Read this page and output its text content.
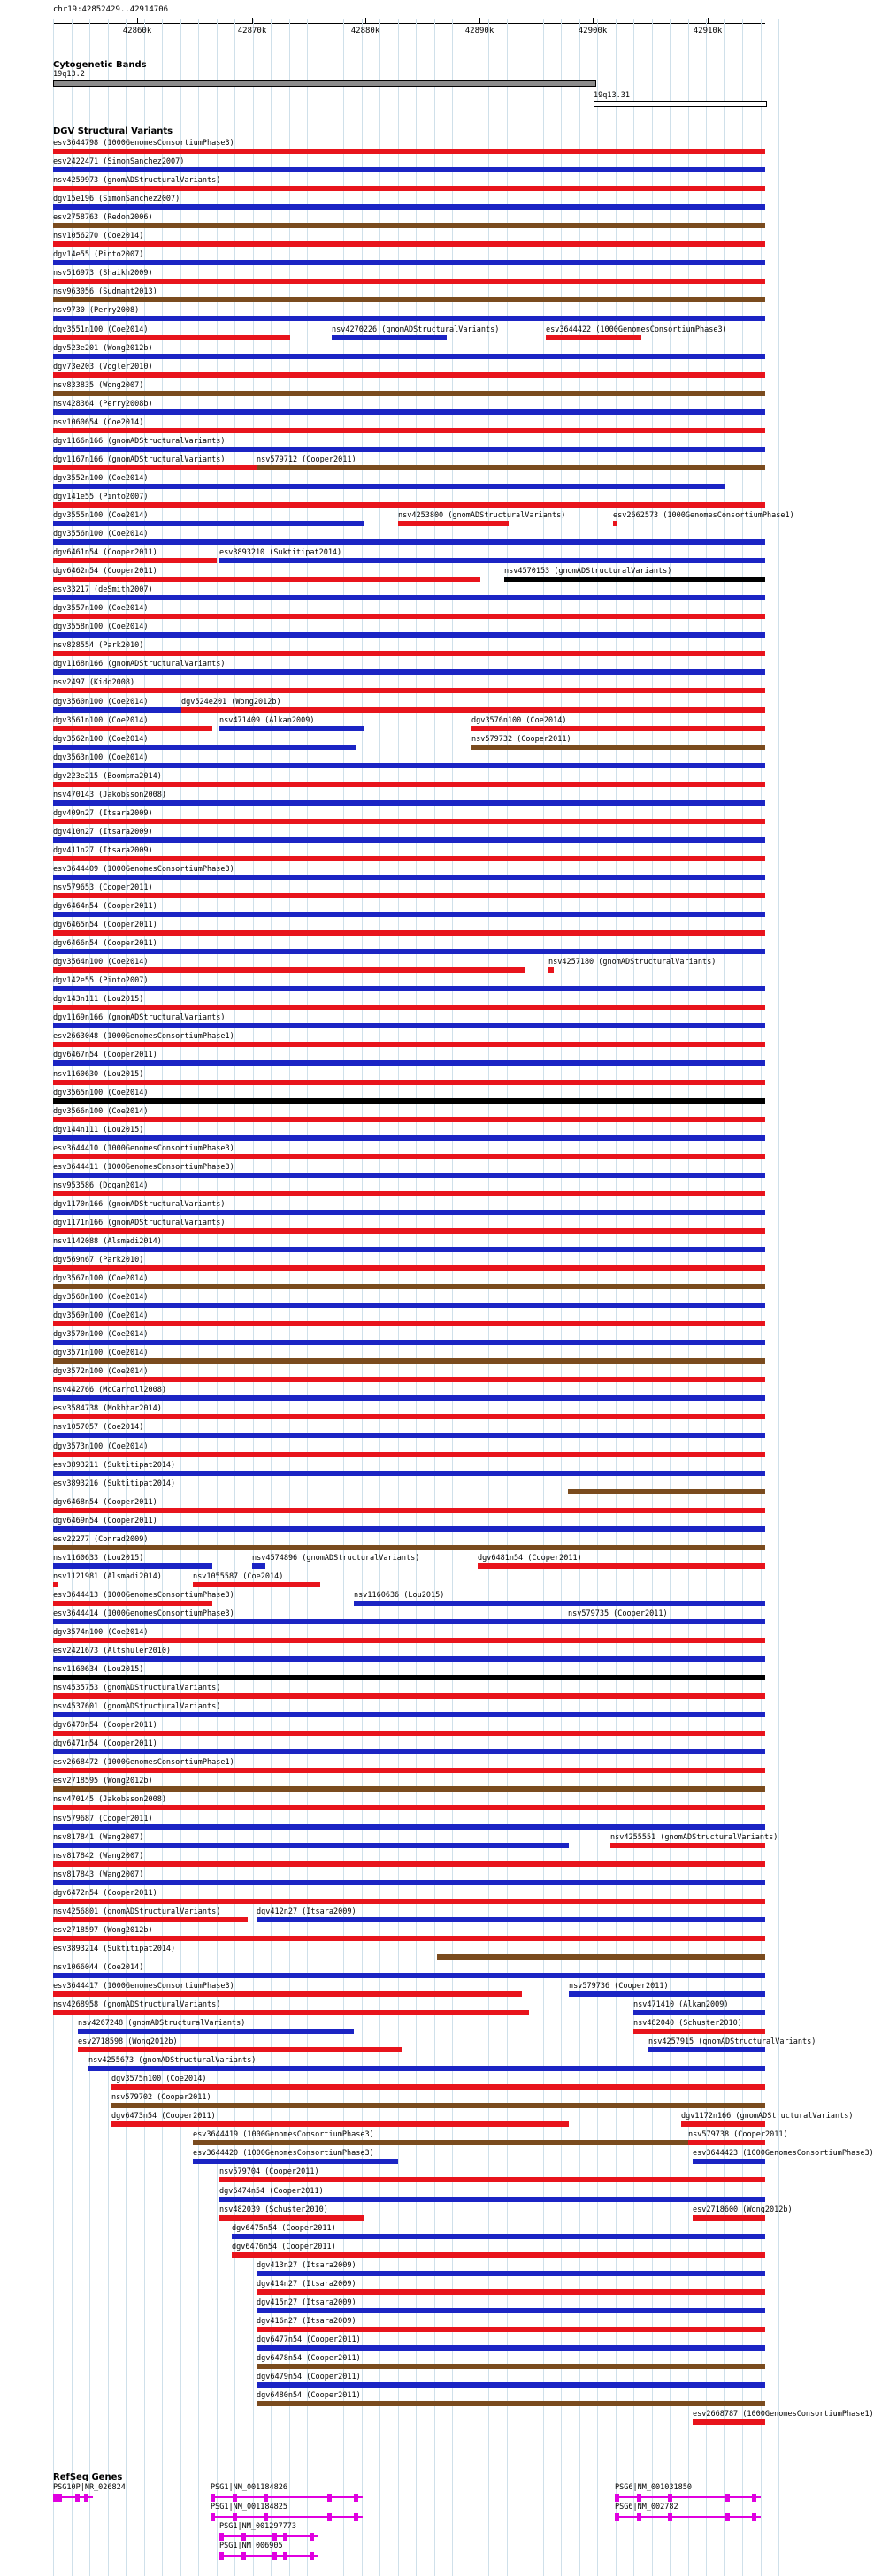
chr19:42852429..42914706
42860k	42870k	42880k	42890k	42900k	42910k
Cytogenetic Bands
19q13.2
19q13.31
DGV Structural Variants
esv3644798 (1000GenomesConsortiumPhase3)
esv2422471 (SimonSanchez2007)
nsv4259973 (gnomADStructuralVariants)
dgv15e196 (SimonSanchez2007)
esv2758763 (Redon2006)
nsv1056270 (Coe2014)
dgv14e55 (Pinto2007)
nsv516973 (Shaikh2009)
nsv963056 (Sudmant2013)
nsv9730 (Perry2008)
dgv3551n100 (Coe2014)	nsv4270226 (gnomADStructuralVariants)	esv3644422 (1000GenomesConsortiumPhase3)
dgv523e201 (Wong2012b)
dgv73e203 (Vogler2010)
nsv833835 (Wong2007)
nsv428364 (Perry2008b)
nsv1060654 (Coe2014)
dgv1166n166 (gnomADStructuralVariants)
dgv1167n166 (gnomADStructuralVariants)	nsv579712 (Cooper2011)
dgv3552n100 (Coe2014)
dgv141e55 (Pinto2007)
dgv3555n100 (Coe2014)	nsv4253800 (gnomADStructuralVariants)	esv2662573 (1000GenomesConsortiumPhase1)
dgv3556n100 (Coe2014)
dgv6461n54 (Cooper2011)	esv3893210 (Suktitipat2014)
dgv6462n54 (Cooper2011)	nsv4570153 (gnomADStructuralVariants)
esv33217 (deSmith2007)
dgv3557n100 (Coe2014)
dgv3558n100 (Coe2014)
nsv828554 (Park2010)
dgv1168n166 (gnomADStructuralVariants)
nsv2497 (Kidd2008)
dgv3560n100 (Coe2014)	dgv524e201 (Wong2012b)
dgv3561n100 (Coe2014)	nsv471409 (Alkan2009)	dgv3576n100 (Coe2014)
dgv3562n100 (Coe2014)	nsv579732 (Cooper2011)
dgv3563n100 (Coe2014)
dgv223e215 (Boomsma2014)
nsv470143 (Jakobsson2008)
dgv409n27 (Itsara2009)
dgv410n27 (Itsara2009)
dgv411n27 (Itsara2009)
esv3644409 (1000GenomesConsortiumPhase3)
nsv579653 (Cooper2011)
dgv6464n54 (Cooper2011)
dgv6465n54 (Cooper2011)
dgv6466n54 (Cooper2011)
dgv3564n100 (Coe2014)	nsv4257180 (gnomADStructuralVariants)
dgv142e55 (Pinto2007)
dgv143n111 (Lou2015)
dgv1169n166 (gnomADStructuralVariants)
esv2663048 (1000GenomesConsortiumPhase1)
dgv6467n54 (Cooper2011)
nsv1160630 (Lou2015)
dgv3565n100 (Coe2014)
dgv3566n100 (Coe2014)
dgv144n111 (Lou2015)
esv3644410 (1000GenomesConsortiumPhase3)
esv3644411 (1000GenomesConsortiumPhase3)
nsv953586 (Dogan2014)
dgv1170n166 (gnomADStructuralVariants)
dgv1171n166 (gnomADStructuralVariants)
nsv1142088 (Alsmadi2014)
dgv569n67 (Park2010)
dgv3567n100 (Coe2014)
dgv3568n100 (Coe2014)
dgv3569n100 (Coe2014)
dgv3570n100 (Coe2014)
dgv3571n100 (Coe2014)
dgv3572n100 (Coe2014)
nsv442766 (McCarroll2008)
esv3584738 (Mokhtar2014)
nsv1057057 (Coe2014)
dgv3573n100 (Coe2014)
esv3893211 (Suktitipat2014)
esv3893216 (Suktitipat2014)
dgv6468n54 (Cooper2011)
dgv6469n54 (Cooper2011)
esv22277 (Conrad2009)
nsv1160633 (Lou2015)	nsv4574896 (gnomADStructuralVariants)	dgv6481n54 (Cooper2011)
nsv1121981 (Alsmadi2014)	nsv1055587 (Coe2014)
esv3644413 (1000GenomesConsortiumPhase3)	nsv1160636 (Lou2015)
esv3644414 (1000GenomesConsortiumPhase3)	nsv579735 (Cooper2011)
dgv3574n100 (Coe2014)
esv2421673 (Altshuler2010)
nsv1160634 (Lou2015)
nsv4535753 (gnomADStructuralVariants)
nsv4537601 (gnomADStructuralVariants)
dgv6470n54 (Cooper2011)
dgv6471n54 (Cooper2011)
esv2668472 (1000GenomesConsortiumPhase1)
esv2718595 (Wong2012b)
nsv470145 (Jakobsson2008)
nsv579687 (Cooper2011)
nsv817841 (Wang2007)	nsv4255551 (gnomADStructuralVariants)
nsv817842 (Wang2007)
nsv817843 (Wang2007)
dgv6472n54 (Cooper2011)
nsv4256801 (gnomADStructuralVariants)	dgv412n27 (Itsara2009)
esv2718597 (Wong2012b)
esv3893214 (Suktitipat2014)
nsv1066044 (Coe2014)
esv3644417 (1000GenomesConsortiumPhase3)	nsv579736 (Cooper2011)
nsv4268958 (gnomADStructuralVariants)	nsv471410 (Alkan2009)
nsv4267248 (gnomADStructuralVariants)	nsv482040 (Schuster2010)
esv2718598 (Wong2012b)	nsv4257915 (gnomADStructuralVariants)
nsv4255673 (gnomADStructuralVariants)
dgv3575n100 (Coe2014)
nsv579702 (Cooper2011)
dgv6473n54 (Cooper2011)	dgv1172n166 (gnomADStructuralVariants)
esv3644419 (1000GenomesConsortiumPhase3)	nsv579738 (Cooper2011)
esv3644420 (1000GenomesConsortiumPhase3)	esv3644423 (1000GenomesConsortiumPhase3)
nsv579704 (Cooper2011)
dgv6474n54 (Cooper2011)
nsv482039 (Schuster2010)	esv2718600 (Wong2012b)
dgv6475n54 (Cooper2011)
dgv6476n54 (Cooper2011)
dgv413n27 (Itsara2009)
dgv414n27 (Itsara2009)
dgv415n27 (Itsara2009)
dgv416n27 (Itsara2009)
dgv6477n54 (Cooper2011)
dgv6478n54 (Cooper2011)
dgv6479n54 (Cooper2011)
dgv6480n54 (Cooper2011)
esv2668787 (1000GenomesConsortiumPhase1)
RefSeq Genes
PSG10P|NR_026824	PSG1|NM_001184826
PSG1|NM_001184825
PSG1|NM_001297773
PSG1|NM_006905
PSG6|NM_001031850
PSG6|NM_002782
